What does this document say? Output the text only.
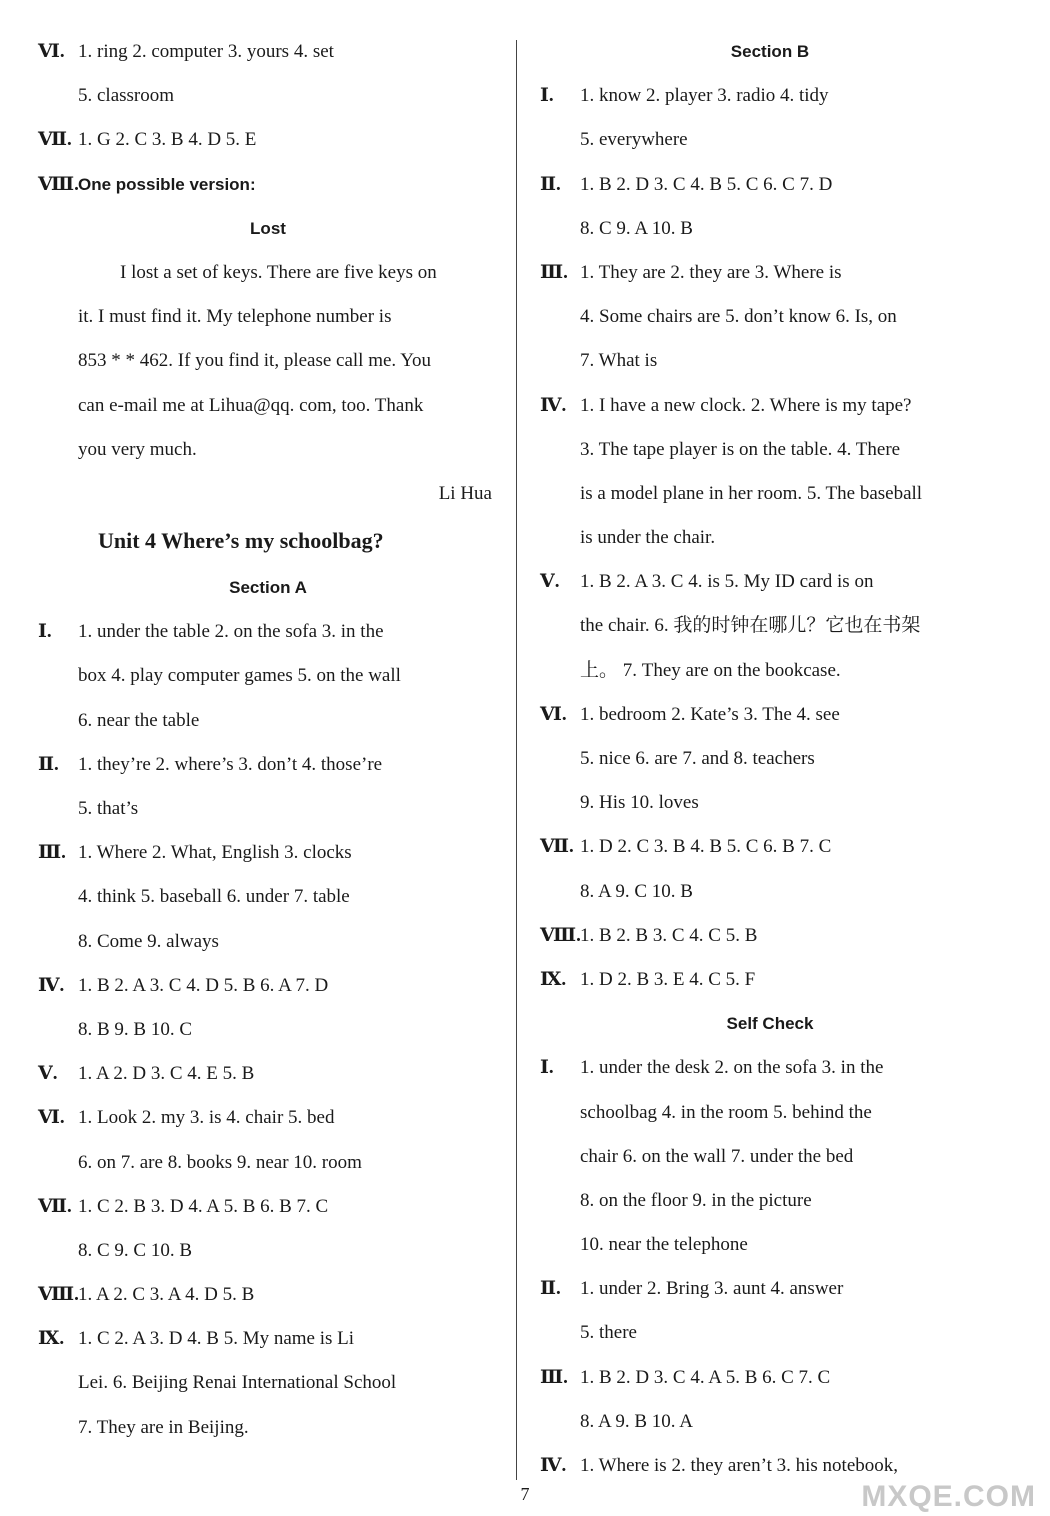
Ⅵ. 1. ring 2. computer 3. yours 4. set
5. classroom
Ⅶ. 1. G 2. C 3. B 4. D 5. E
Ⅷ.One possible version:
Lost
I lost a set of keys. There are five keys on
it. I must find it. My telephone number is
853 * * 462. If you find it, please call me. You
can e-mail me at Lihua@qq. com, too. Thank
you very much.
Li Hua
Unit 4 Where’s my schoolbag?
Section A
Ⅰ. 1. under the table 2. on the sofa 3. in the
box 4. play computer games 5. on the wall
6. near the table
Ⅱ. 1. they’re 2. where’s 3. don’t 4. those’re
5. that’s
Ⅲ. 1. Where 2. What, English 3. clocks
4. think 5. baseball 6. under 7. table
8. Come 9. always
Ⅳ. 1. B 2. A 3. C 4. D 5. B 6. A 7. D
8. B 9. B 10. C
Ⅴ. 1. A 2. D 3. C 4. E 5. B
Ⅵ. 1. Look 2. my 3. is 4. chair 5. bed
6. on 7. are 8. books 9. near 10. room
Ⅶ. 1. C 2. B 3. D 4. A 5. B 6. B 7. C
8. C 9. C 10. B
Ⅷ.1. A 2. C 3. A 4. D 5. B
Ⅸ. 1. C 2. A 3. D 4. B 5. My name is Li
Lei. 6. Beijing Renai International School
7. They are in Beijing.
Section B
Ⅰ. 1. know 2. player 3. radio 4. tidy
5. everywhere
Ⅱ. 1. B 2. D 3. C 4. B 5. C 6. C 7. D
8. C 9. A 10. B
Ⅲ. 1. They are 2. they are 3. Where is
4. Some chairs are 5. don’t know 6. Is, on
7. What is
Ⅳ. 1. I have a new clock. 2. Where is my tape?
3. The tape player is on the table. 4. There
is a model plane in her room. 5. The baseball
is under the chair.
Ⅴ. 1. B 2. A 3. C 4. is 5. My ID card is on
the chair. 6. 我的时钟在哪儿？它也在书架
上。 7. They are on the bookcase.
Ⅵ. 1. bedroom 2. Kate’s 3. The 4. see
5. nice 6. are 7. and 8. teachers
9. His 10. loves
Ⅶ. 1. D 2. C 3. B 4. B 5. C 6. B 7. C
8. A 9. C 10. B
Ⅷ.1. B 2. B 3. C 4. C 5. B
Ⅸ. 1. D 2. B 3. E 4. C 5. F
Self Check
Ⅰ. 1. under the desk 2. on the sofa 3. in the
schoolbag 4. in the room 5. behind the
chair 6. on the wall 7. under the bed
8. on the floor 9. in the picture
10. near the telephone
Ⅱ. 1. under 2. Bring 3. aunt 4. answer
5. there
Ⅲ. 1. B 2. D 3. C 4. A 5. B 6. C 7. C
8. A 9. B 10. A
Ⅳ. 1. Where is 2. they aren’t 3. his notebook,
7	MXQE.COM
